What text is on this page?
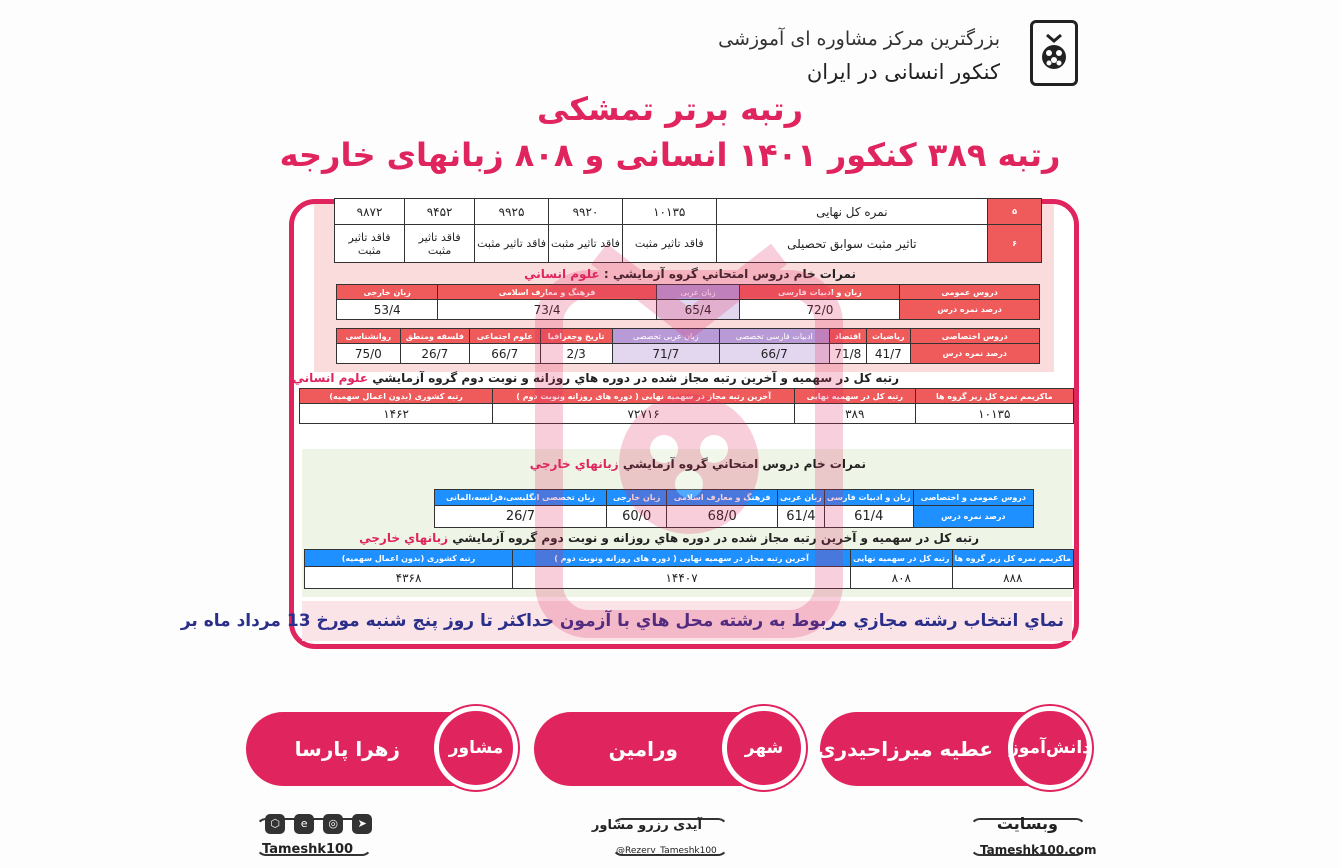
بزرگترین مرکز مشاوره ای آموزشی
کنکور انسانی در ایران
رتبه برتر تمشکی
رتبه ۳۸۹ کنکور ۱۴۰۱ انسانی و ۸۰۸ زبانهای خارجه
۵	نمره کل نهایی	۱۰۱۳۵	۹۹۲۰	۹۹۲۵	۹۴۵۲	۹۸۷۲
۶	تاثیر مثبت سوابق تحصیلی	فاقد تاثیر مثبت	فاقد تاثیر مثبت	فاقد تاثیر مثبت	فاقد تاثیر مثبت	فاقد تاثیر مثبت
نمرات خام دروس امتحاني گروه آزمايشي : علوم انساني
دروس عمومی	زبان و ادبیات فارسی	زبان عربی	فرهنگ و معارف اسلامی	زبان خارجی
درصد نمره درس	72/0	65/4	73/4	53/4
دروس اختصاصی	ریاضیات	اقتصاد	ادبیات فارسی تخصصی	زبان عربی تخصصی	تاریخ وجغرافیا	علوم اجتماعی	فلسفه ومنطق	روانشناسی
درصد نمره درس	41/7	71/8	66/7	71/7	2/3	66/7	26/7	75/0
رتبه کل در سهمیه و آخرین رتبه مجاز شده در دوره هاي روزانه و نوبت دوم گروه آزمايشي علوم انساني
ماکزیمم نمره کل زیر گروه ها	رتبه کل در سهمیه نهایی	آخرین رتبه مجاز در سهمیه نهایی ( دوره های روزانه ونوبت دوم )	رتبه کشوری (بدون اعمال سهمیه)
۱۰۱۳۵	۳۸۹	۷۲۷۱۶	۱۴۶۲
نمرات خام دروس امتحاني گروه آزمايشي زبانهاي خارجي
دروس عمومی و اختصاصی	زبان و ادبیات فارسی	زبان عربی	فرهنگ و معارف اسلامی	زبان خارجی	زبان تخصصی انگلیسی،فرانسه،المانی
درصد نمره درس	61/4	61/4	68/0	60/0	26/7
رتبه کل در سهمیه و آخرین رتبه مجاز شده در دوره هاي روزانه و نوبت دوم گروه آزمايشي زبانهاي خارجي
ماکزیمم نمره کل زیر گروه ها	رتبه کل در سهمیه نهایی	آخرین رتبه مجاز در سهمیه نهایی ( دوره های روزانه ونوبت دوم )	رتبه کشوری (بدون اعمال سهمیه)
۸۸۸	۸۰۸	۱۴۴۰۷	۴۳۶۸
نماي انتخاب رشته مجازي مربوط به رشته محل هاي با آزمون حداکثر تا روز پنج شنبه مورخ 13 مرداد ماه بر
عطیه میرزاحیدری دانش‌آموز
ورامین	شهر
زهرا پارسا	مشاور
وبسایت
Tameshk100.com
آیدی رزرو مشاور
@Rezerv_Tameshk100
⬡ e ◎ ➤
Tameshk100
